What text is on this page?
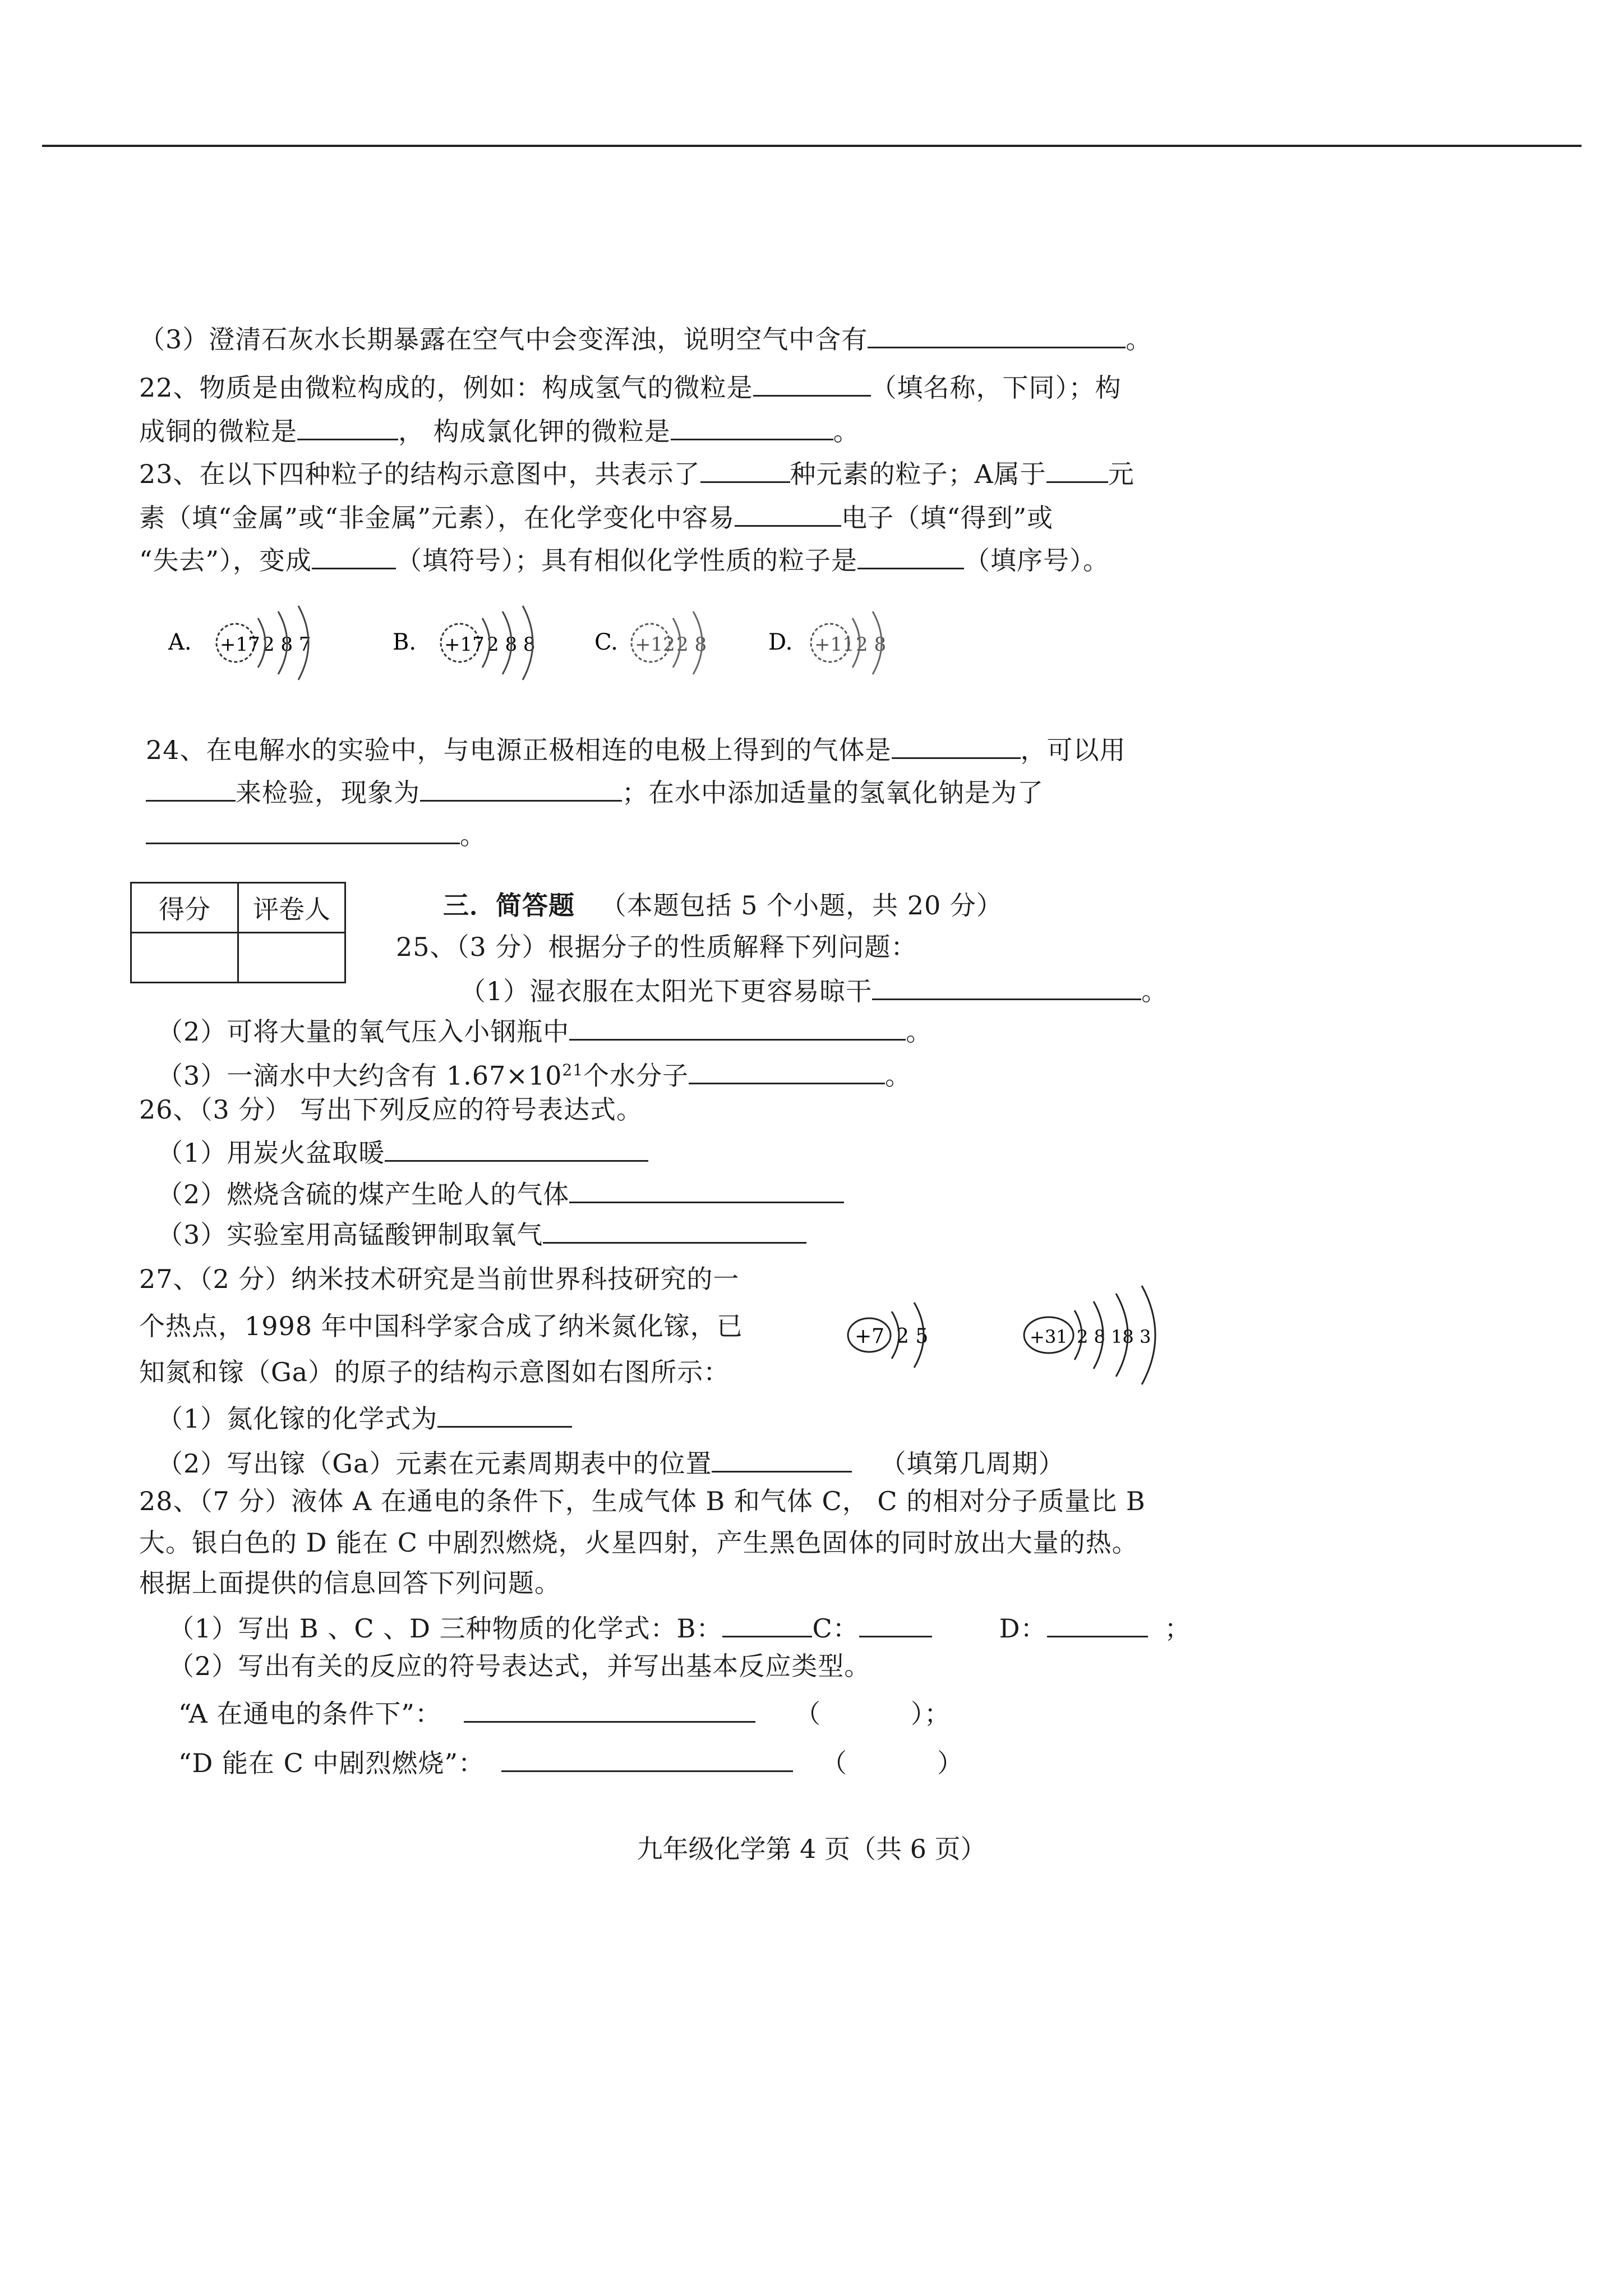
（3）澄清石灰水长期暴露在空气中会变浑浊，说明空气中含有	。
22、物质是由微粒构成的，例如：构成氢气的微粒是	（填名称，下同）；构
成铜的微粒是	， 构成氯化钾的微粒是	。
23、在以下四种粒子的结构示意图中，共表示了	种元素的粒子；A属于 元
素（填“金属”或“非金属”元素），在化学变化中容易	电子（填“得到”或
“失去”），变成	（填符号）；具有相似化学性质的粒子是	（填序号）。
A. +17 2 8 7	B. +17 2 8 8	C. +12 2 8	D. +11 2 8
24、在电解水的实验中，与电源正极相连的电极上得到的气体是	，可以用
来检验，现象为	；在水中添加适量的氢氧化钠是为了
。
得分	评卷人
		三．简答题 （本题包括 5 个小题，共 20 分）
25、（3 分）根据分子的性质解释下列问题：
（1）湿衣服在太阳光下更容易晾干	。
（2）可将大量的氧气压入小钢瓶中	。
（3）一滴水中大约含有 $1.67\times 10^{21}$个水分子	。
26、（3 分） 写出下列反应的符号表达式。
（1）用炭火盆取暖
（2）燃烧含硫的煤产生呛人的气体
（3）实验室用高锰酸钾制取氧气
27、（2 分）纳米技术研究是当前世界科技研究的一
个热点，1998 年中国科学家合成了纳米氮化镓，已
知氮和镓（Ga）的原子的结构示意图如右图所示：
+7 2 5	+31 2 8 18 3
（1）氮化镓的化学式为
（2）写出镓（Ga）元素在元素周期表中的位置	（填第几周期）
28、（7 分）液体 A 在通电的条件下，生成气体 B 和气体 C， C 的相对分子质量比 B
大。银白色的 D 能在 C 中剧烈燃烧，火星四射，产生黑色固体的同时放出大量的热。
根据上面提供的信息回答下列问题。
（1）写出 B 、C 、D 三种物质的化学式：B：	C：	D：	；
（2）写出有关的反应的符号表达式，并写出基本反应类型。
“A 在通电的条件下”：	（	）；
“D 能在 C 中剧烈燃烧”：	（	）
九年级化学第 4 页（共 6 页）
